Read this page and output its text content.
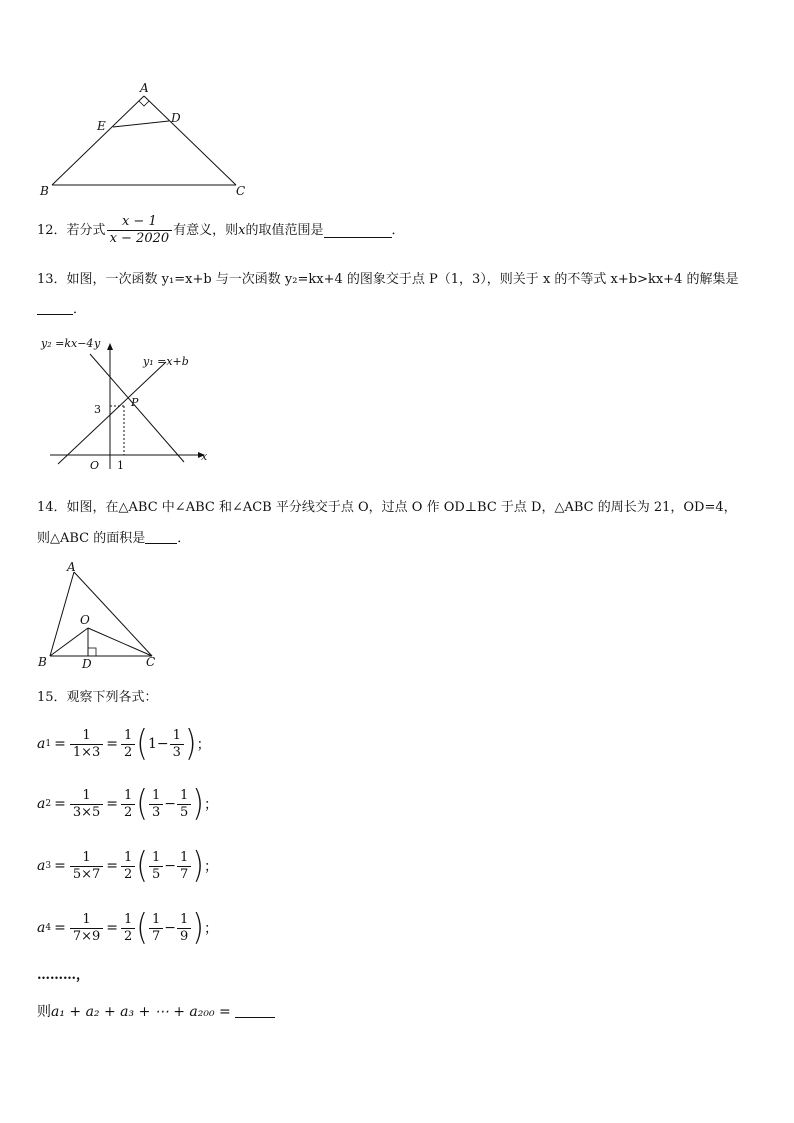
A
E
D
B	C
12． 若分式 $\frac{x - 1}{x - 2020}$ 有意义，则 x 的取值范围是	．
13．如图，一次函数 y₁=x+b 与一次函数 y₂=kx+4 的图象交于点 P（1，3），则关于 x 的不等式 x+b>kx+4 的解集是
．
y₂ =kx−4 y
y₁ =x+b
P
3
O 1
x
14．如图，在△ABC 中∠ABC 和∠ACB 平分线交于点 O，过点 O 作 OD⊥BC 于点 D，△ABC 的周长为 21，OD=4，
则△ABC 的面积是 ．
A
O
B	D	C
15．观察下列各式：
a $1 = \frac{1}{1\times 3} = \frac{1}{2}$ ( $1- \frac{1}{3}$ ) ；
a $2 = \frac{1}{3\times 5} = \frac{1}{2}$ ( $\frac{1}{3} - \frac{1}{5}$ ) ；
a $3 = \frac{1}{5\times 7} = \frac{1}{2}$ ( $\frac{1}{5} - \frac{1}{7}$ ) ；
a $4 = \frac{1}{7\times 9} = \frac{1}{2}$ ( $\frac{1}{7} - \frac{1}{9}$ ) ；
………，
则a₁ + a₂ + a₃ + ⋯ + a₂₀₀ =
